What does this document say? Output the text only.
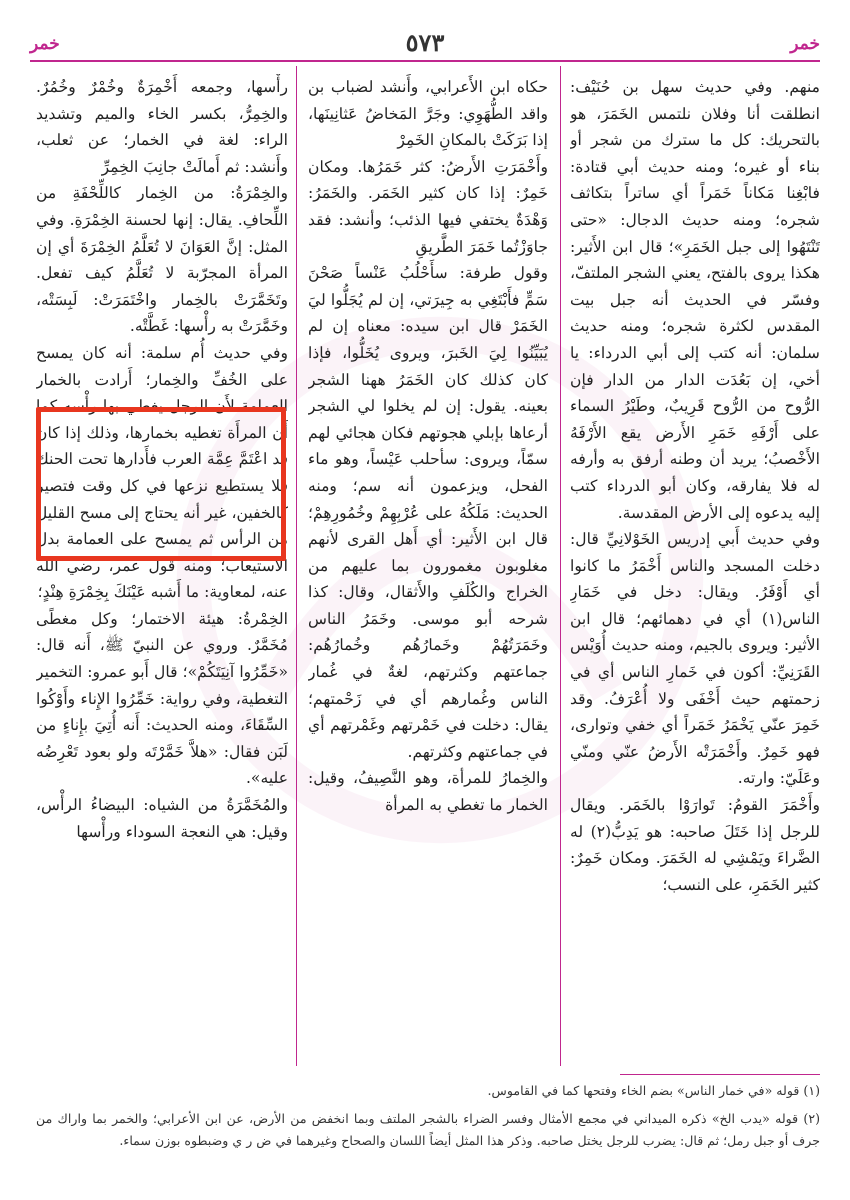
خمر	٥٧٣	خمر

منهم. وفي حديث سهل بن حُنَيْف: انطلقت أنا وفلان نلتمس الخَمَرَ، هو بالتحريك: كل ما سترك من شجر أو بناء أو غيره؛ ومنه حديث أبي قتادة: فابْغِنا مَكاناً خَمَراً أي ساتراً بتكاثف شجره؛ ومنه حديث الدجال: «حتى تَنْتَهُوا إلى جبل الخَمَرِ»؛ قال ابن الأَثير: هكذا يروى بالفتح، يعني الشجر الملتفّ، وفسّر في الحديث أنه جبل بيت المقدس لكثرة شجره؛ ومنه حديث سلمان: أنه كتب إلى أبي الدرداء: يا أخي، إن بَعُدَت الدار من الدار فإن الرُّوح من الرُّوح قَرِيبٌ، وطَيْرُ السماء على أَرْفَهِ خَمَرِ الأَرض يقع الأَرْفَهُ الأَخْصبُ؛ يريد أن وطنه أرفق به وأرفه له فلا يفارقه، وكان أبو الدرداء كتب إليه يدعوه إلى الأرض المقدسة.

وفي حديث أَبي إدريس الخَوْلانِيِّ قال: دخلت المسجد والناس أَخْمَرُ ما كانوا أي أَوْفَرُ. ويقال: دخل في خَمَارِ الناس(١) أي في دهمائهم؛ قال ابن الأثير: ويروى بالجيم، ومنه حديث أُوَيْس القَرَنِيِّ: أكون في خَمارِ الناس أي في زحمتهم حيث أَخْفَى ولا أُعْرَفُ. وقد خَمِرَ عنّي يَخْمَرُ خَمَراً أي خفي وتوارى، فهو خَمِرٌ. وأَخْمَرَتْه الأَرضُ عنّي ومنّي وعَلَيّ: وارته.

وأَخْمَرَ القومُ: تَوارَوْا بالخَمَر. ويقال للرجل إذا خَتَلَ صاحبه: هو يَدِبُّ(٢) له الضَّراءَ ويَمْشِي له الخَمَرَ. ومكان خَمِرٌ: كثير الخَمَرِ، على النسب؛

حكاه ابن الأَعرابي، وأَنشد لضباب بن واقد الطُّهَوِي: وجَرَّ المَخاضُ عَثانِينَها، إذا بَرَكَتْ بالمكانِ الخَمِرْ

وأَخْمَرَتِ الأَرضُ: كثر خَمَرُها. ومكان خَمِرٌ: إذا كان كثير الخَمَر. والخَمَرُ: وَهْدَةٌ يختفي فيها الذئب؛ وأنشد: فقد جاوَزْتُما خَمَرَ الطَّريقِ

وقول طرفة: سأَحْلُبُ عَنْساً صَحْنَ سَمٍّ فأَبْتَغِي به جِيرَتي، إن لم يُجَلُّوا ليَ الخَمَرْ قال ابن سيده: معناه إن لم يُبَيِّنُوا لِيَ الخَبرَ، ويروى يُخَلُّوا، فإذا كان كذلك كان الخَمَرُ ههنا الشجر بعينه. يقول: إن لم يخلوا لي الشجر أرعاها بإبلي هجوتهم فكان هجائي لهم سمّاً، ويروى: سأحلب عَيْساً، وهو ماء الفحل، ويزعمون أنه سم؛ ومنه الحديث: مَلَكُهُ على عُرْبِهِمْ وخُمُورِهِمْ؛ قال ابن الأَثير: أي أَهل القرى لأنهم مغلوبون مغمورون بما عليهم من الخراج والكُلَفِ والأَثقال، وقال: كذا شرحه أبو موسى. وخَمَرُ الناس وخَمَرَتُهُمْ وخَمارُهُم وخُمارُهُم: جماعتهم وكثرتهم، لغةٌ في غُمار الناس وغُمارهم أي في زَحْمتهم؛ يقال: دخلت في خَمْرتهم وغَمْرتهم أي في جماعتهم وكثرتهم.

والخِمارُ للمرأة، وهو النَّصِيفُ، وقيل: الخمار ما تغطي به المرأة

رأْسها، وجمعه أَخْمِرَةٌ وخُمْرٌ وخُمُرٌ. والخِمِرُّ، بكسر الخاء والميم وتشديد الراء: لغة في الخمار؛ عن ثعلب، وأَنشد: ثم أَمالَتْ جانِبَ الخِمِرِّ

والخِمْرَةُ: من الخِمار كاللِّحْفَةِ من اللِّحافِ. يقال: إنها لحسنة الخِمْرَةِ. وفي المثل: إنَّ العَوَانَ لا تُعَلَّمُ الخِمْرَةَ أي إن المرأة المجرّبة لا تُعَلَّمُ كيف تفعل. وتَخَمَّرَتْ بالخِمار واخْتَمَرَتْ: لَبِسَتْه، وخَمَّرَتْ به رأْسها: غَطَّتْه.

وفي حديث أُم سلمة: أنه كان يمسح على الخُفِّ والخِمار؛ أَرادت بالخمار العمامة لأَن الرجل يغطي بها رأْسه كما أَن المرأَة تغطيه بخمارها، وذلك إذا كان قد اعْتَمَّ عِمَّة العرب فأَدارها تحت الحنك فلا يستطيع نزعها في كل وقت فتصير كالخفين، غير أنه يحتاج إلى مسح القليل من الرأس ثم يمسح على العمامة بدل الاستيعاب؛ ومنه قول عمر، رضي الله عنه، لمعاوية: ما أَشبه عَيْنَكَ بِخِمْرَةِ هِنْدٍ؛

الخِمْرةُ: هيئة الاختمار؛ وكل مغطًى مُخَمَّرٌ. وروي عن النبيّ ﷺ، أَنه قال: «خَمِّرُوا آنِيَتَكُمْ»؛ قال أَبو عمرو: التخمير التغطية، وفي رواية: خَمِّرُوا الإِناء وأَوْكُوا السِّقَاءَ، ومنه الحديث: أَنه أُتِيَ بإِناءٍ من لَبَن فقال: «هلاَّ خَمَّرْتَه ولو بعود تَعْرِضُه عليه».

والمُخَمَّرَةُ من الشياه: البيضاءُ الرأْس، وقيل: هي النعجة السوداء ورأْسها

(١) قوله «في خمار الناس» بضم الخاء وفتحها كما في القاموس.

(٢) قوله «يدب الخ» ذكره الميداني في مجمع الأمثال وفسر الضراء بالشجر الملتف وبما انخفض من الأرض، عن ابن الأعرابي؛ والخمر بما واراك من جرف أو جبل رمل؛ ثم قال: يضرب للرجل يختل صاحبه. وذكر هذا المثل أيضاً اللسان والصحاح وغيرهما في ض ر ي وضبطوه بوزن سماء.
